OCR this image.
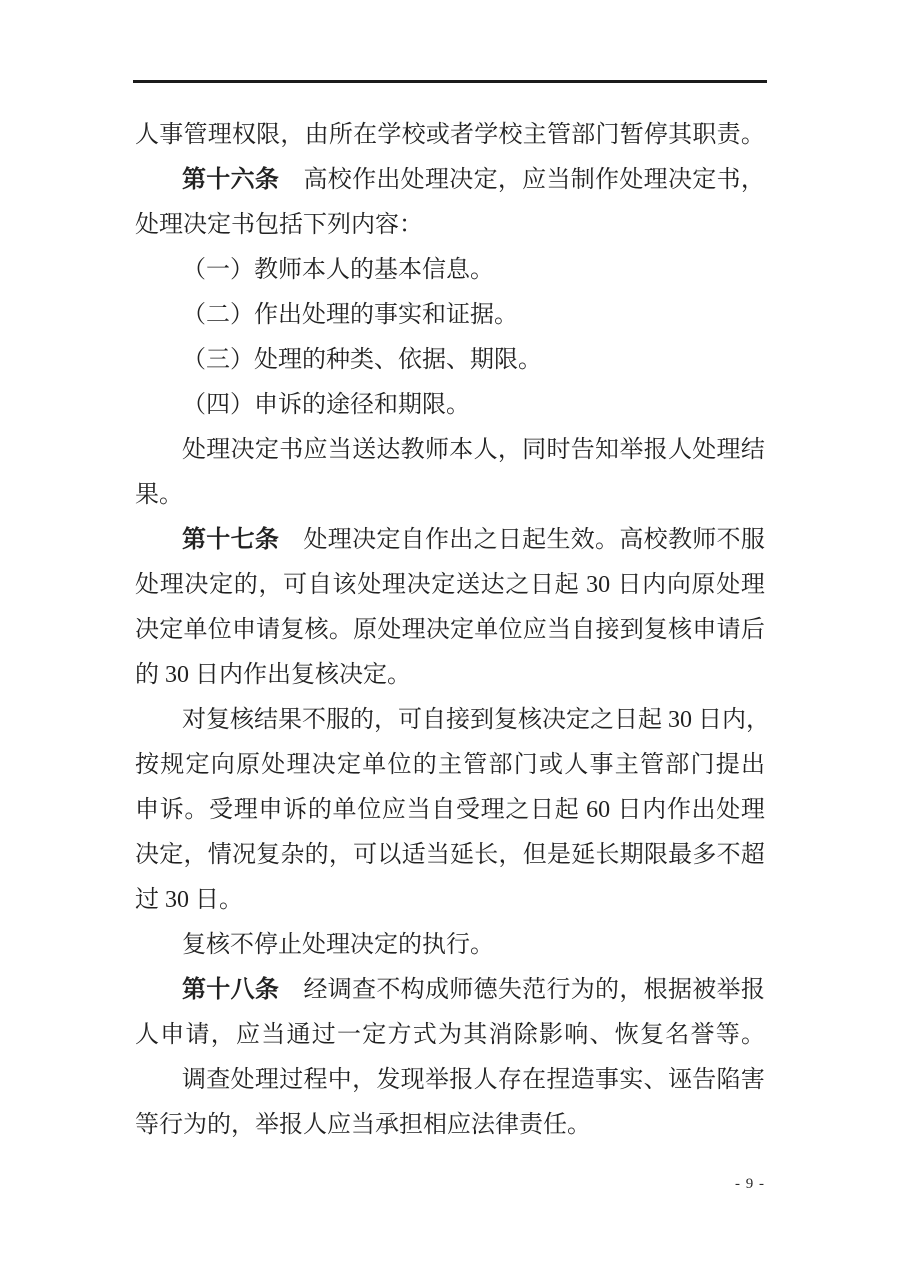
人 事 管 理 权 限 ， 由 所 在 学 校 或 者 学 校 主 管 部 门 暂 停 其 职 责 。
第 十 六 条
　 高 校 作 出 处 理 决 定 ， 应 当 制 作 处 理 决 定 书 ，
处理决定书包括下列内容：
（一）教师本人的基本信息。
（二）作出处理的事实和证据。
（三）处理的种类、依据、期限。
（四）申诉的途径和期限。
处 理 决 定 书 应 当 送 达 教 师 本 人 ， 同 时 告 知 举 报 人 处 理 结
果。
第 十 七 条
　 处 理 决 定 自 作 出 之 日 起 生 效 。 高 校 教 师 不 服
处 理 决 定 的 ， 可 自 该 处 理 决 定 送 达 之 日 起
30
日 内 向 原 处 理
决 定 单 位 申 请 复 核 。 原 处 理 决 定 单 位 应 当 自 接 到 复 核 申 请 后
的 30 日内作出复核决定。
对 复 核 结 果 不 服 的 ， 可 自 接 到 复 核 决 定 之 日 起
30
日 内 ，
按 规 定 向 原 处 理 决 定 单 位 的 主 管 部 门 或 人 事 主 管 部 门 提 出
申 诉 。 受 理 申 诉 的 单 位 应 当 自 受 理 之 日 起
60
日 内 作 出 处 理
决 定 ， 情 况 复 杂 的 ， 可 以 适 当 延 长 ， 但 是 延 长 期 限 最 多 不 超
过 30 日。
复核不停止处理决定的执行。
第 十 八 条
　 经 调 查 不 构 成 师 德 失 范 行 为 的 ， 根 据 被 举 报
人 申 请 ， 应 当 通 过 一 定 方 式 为 其 消 除 影 响 、 恢 复 名 誉 等 。
调 查 处 理 过 程 中 ， 发 现 举 报 人 存 在 捏 造 事 实 、 诬 告 陷 害
等行为的，举报人应当承担相应法律责任。
- 9 -
